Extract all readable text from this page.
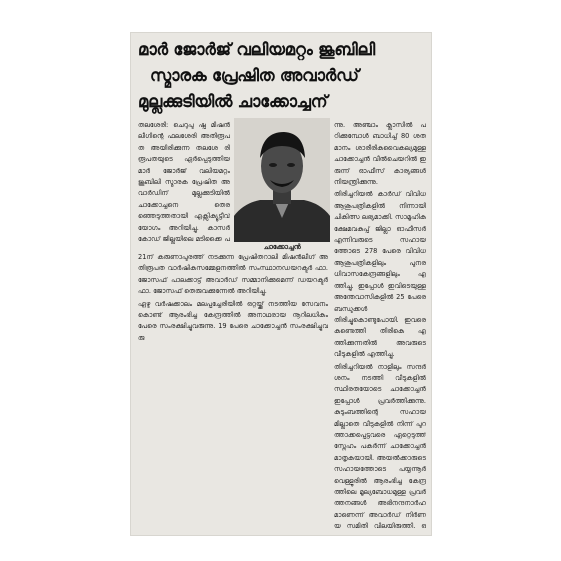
മാർ ജോർജ് വലിയമറ്റം ജൂബിലി
സ്മാരക പ്രേഷിത അവാർഡ്
മുല്ലക്കുടിയിൽ ചാക്കോച്ചന്

തലശേരി: ചെറുപു ഷ്പ മിഷൻലീഗിന്റെ ഫലശേരി അതിരൂപത അയിരിക്കുന്ന തലശേ രി രൂപതയുടെ ഏർപ്പെടുത്തിയ മാർ ജോർജ് വലിയമറ്റം ജൂബിലി സ്മാരക പ്രേഷിത അവാർഡിന് മുല്ലക്കുടിയിൽ ചാക്കോച്ചനെ തെര ഞ്ഞെടുത്തതായി എക്സിക്യൂട്ടീവ് യോഗം അറിയിച്ചു. കാസർകോഡ് ജില്ലയിലെ മടിക്കൈ പ

ന്നു. അഞ്ചാം ക്ലാസിൽ പഠിക്കുമ്പോൾ ബാധിച്ച് 80 ശതമാനം ശാരീരികവൈകല്യമുള്ള ചാക്കോച്ചൻ വീൽചെയറിൽ ഇരുന്ന് ഓഫീസ് കാര്യങ്ങൾ നിയന്ത്രിക്കുന്നു.

തിരിച്ചറിയൽ കാർഡ് വിവിധ ആശുപത്രികളിൽ നിന്നായി ചികിത്സ ലഭ്യമാക്കി. സാമൂഹിക ക്ഷേമവകുപ്പ് ജില്ലാ ഓഫീസർ എന്നിവരുടെ സഹായത്തോടെ 278 പേരെ വിവിധ ആശുപത്രികളിലും പുനരധിവാസകേന്ദ്രങ്ങളിലും എത്തിച്ചു. ഇപ്പോൾ ഇവിടെയുള്ള അന്തേവാസികളിൽ 25 പേരെ ബന്ധുക്കൾ തിരിച്ചുകൊണ്ടുപോയി. ഇവരെ കണ്ടെത്തി തിരികെ എത്തിക്കുന്നതിൽ അവരുടെ വീടുകളിൽ എത്തിച്ചു.

തിരിച്ചറിയൽ നാളിലും സന്ദർശനം നടത്തി വീടുകളിൽ സ്ഥിരതയോടെ ചാക്കോച്ചൻ ഇപ്പോൾ പ്രവർത്തിക്കുന്നു. കുടുംബത്തിന്റെ സഹായമില്ലാതെ വീടുകളിൽ നിന്ന് പുറത്താക്കപ്പെട്ടവരെ ഏറ്റെടുത്ത് സ്നേഹം പകർന്ന് ചാക്കോച്ചൻ മാതൃകയായി. അയൽക്കാരുടെ സഹായത്തോടെ പയ്യന്നൂർ വെള്ളൂരിൽ ആരംഭിച്ച കേന്ദ്രത്തിലെ മൂല്യബോധമുള്ള പ്രവർത്തനങ്ങൾ അഭിനന്ദനാർഹമാണെന്ന് അവാർഡ് നിർണയ സമിതി വിലയിരുത്തി. ഒ

ചാക്കോച്ചൻ

21ന് കരുണാപുരത്ത് നടക്കുന്ന പ്രേഷിതറാലി മിഷൻലീഗ് അതിരൂപത വാർഷികസമ്മേളനത്തിൽ സംസ്ഥാനഡയറക്ടർ ഫാ. ജോസഫ് പാലക്കാട്ട് അവാർഡ് സമ്മാനിക്കുമെന്ന് ഡയറക്ടർ ഫാ. ജോസഫ് തെരുവക്കുന്നേൽ അറിയിച്ചു.

ഏഴു വർഷക്കാലം മലപ്പച്ചേരിയിൽ ഒറ്റയ്ക്ക് നടത്തിയ സേവനം കൊണ്ട് ആരംഭിച്ച കേന്ദ്രത്തിൽ അനാഥരായ നൂറിലധികം പേരെ സംരക്ഷിച്ചുവരുന്നു. 19 പേരെ ചാക്കോച്ചൻ സംരക്ഷിച്ചുവരു
